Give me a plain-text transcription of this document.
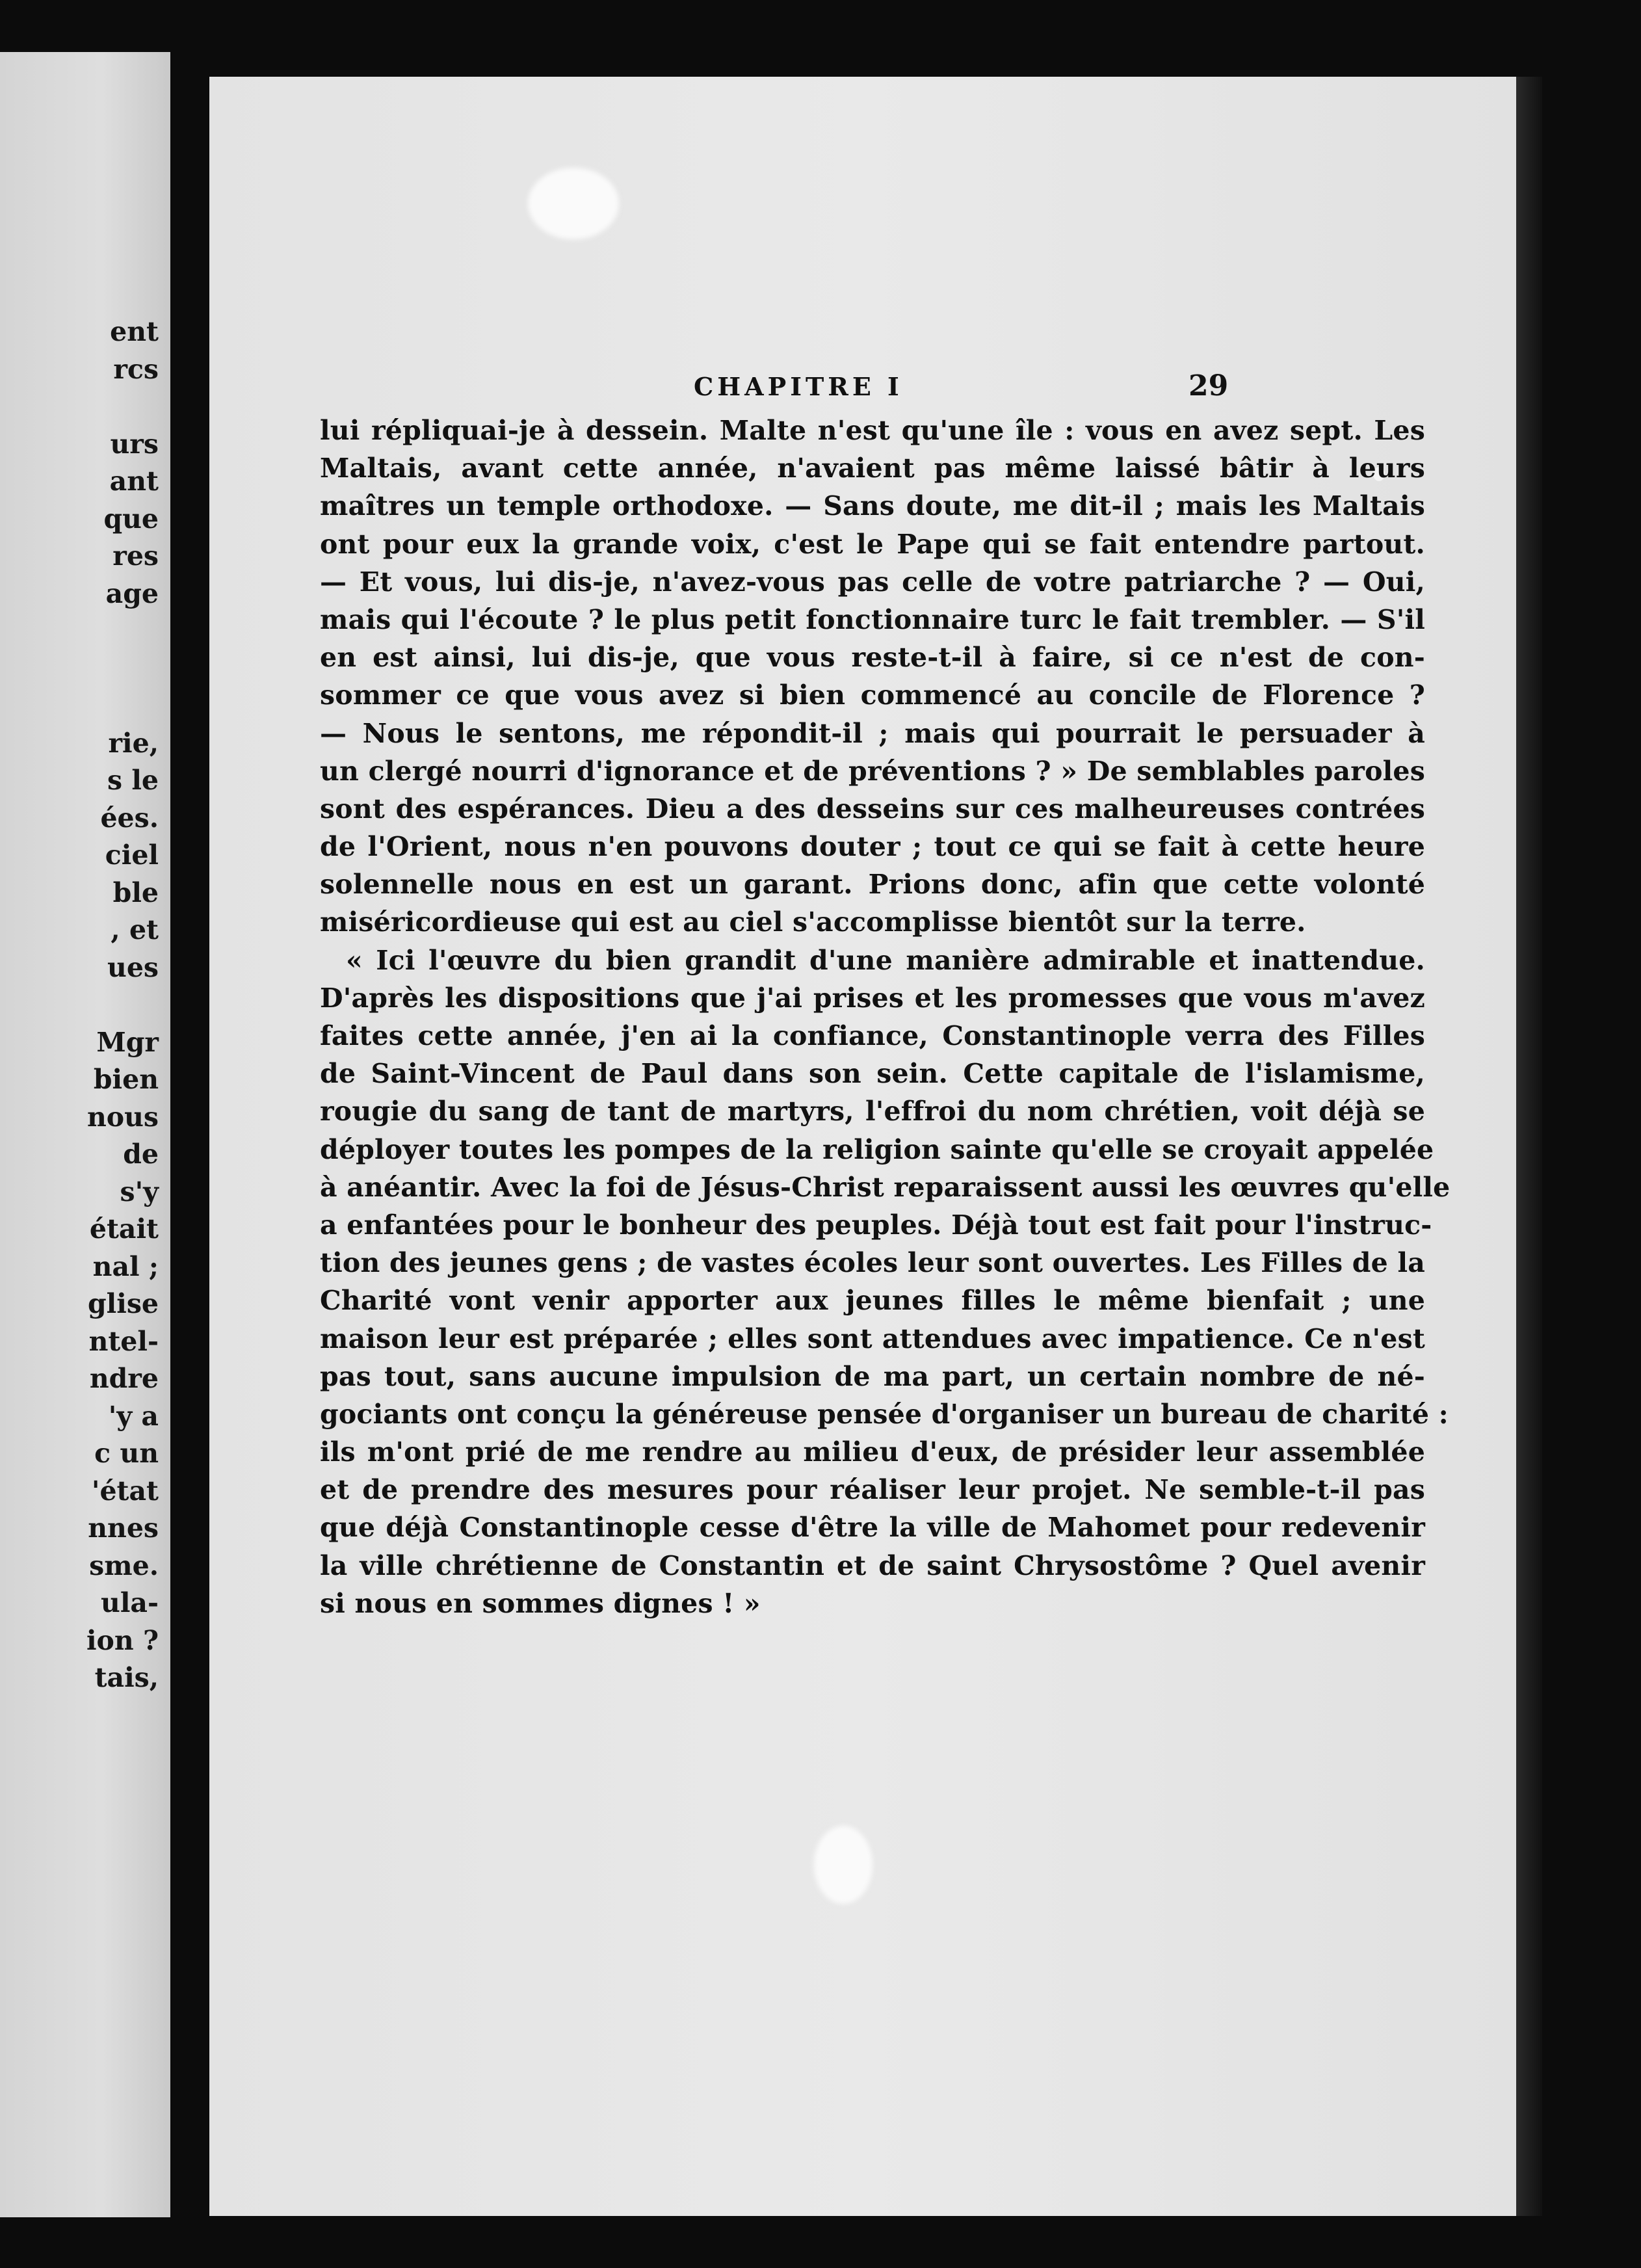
ent
rcs
urs
ant
que
res
age
rie,
s le
ées.
ciel
ble
, et
ues
Mgr
bien
nous
de
s'y
était
nal ;
glise
ntel-
ndre
'y a
c un
'état
nnes
sme.
ula-
ion ?
tais,
CHAPITRE I	29
lui répliquai-je à dessein. Malte n'est qu'une île : vous en avez sept. Les
Maltais, avant cette année, n'avaient pas même laissé bâtir à leurs
maîtres un temple orthodoxe. — Sans doute, me dit-il ; mais les Maltais
ont pour eux la grande voix, c'est le Pape qui se fait entendre partout.
— Et vous, lui dis-je, n'avez-vous pas celle de votre patriarche ? — Oui,
mais qui l'écoute ? le plus petit fonctionnaire turc le fait trembler. — S'il
en est ainsi, lui dis-je, que vous reste-t-il à faire, si ce n'est de con-
sommer ce que vous avez si bien commencé au concile de Florence ?
— Nous le sentons, me répondit-il ; mais qui pourrait le persuader à
un clergé nourri d'ignorance et de préventions ? » De semblables paroles
sont des espérances. Dieu a des desseins sur ces malheureuses contrées
de l'Orient, nous n'en pouvons douter ; tout ce qui se fait à cette heure
solennelle nous en est un garant. Prions donc, afin que cette volonté
miséricordieuse qui est au ciel s'accomplisse bientôt sur la terre.
« Ici l'œuvre du bien grandit d'une manière admirable et inattendue.
D'après les dispositions que j'ai prises et les promesses que vous m'avez
faites cette année, j'en ai la confiance, Constantinople verra des Filles
de Saint-Vincent de Paul dans son sein. Cette capitale de l'islamisme,
rougie du sang de tant de martyrs, l'effroi du nom chrétien, voit déjà se
déployer toutes les pompes de la religion sainte qu'elle se croyait appelée
à anéantir. Avec la foi de Jésus-Christ reparaissent aussi les œuvres qu'elle
a enfantées pour le bonheur des peuples. Déjà tout est fait pour l'instruc-
tion des jeunes gens ; de vastes écoles leur sont ouvertes. Les Filles de la
Charité vont venir apporter aux jeunes filles le même bienfait ; une
maison leur est préparée ; elles sont attendues avec impatience. Ce n'est
pas tout, sans aucune impulsion de ma part, un certain nombre de né-
gociants ont conçu la généreuse pensée d'organiser un bureau de charité :
ils m'ont prié de me rendre au milieu d'eux, de présider leur assemblée
et de prendre des mesures pour réaliser leur projet. Ne semble-t-il pas
que déjà Constantinople cesse d'être la ville de Mahomet pour redevenir
la ville chrétienne de Constantin et de saint Chrysostôme ? Quel avenir
si nous en sommes dignes ! »
